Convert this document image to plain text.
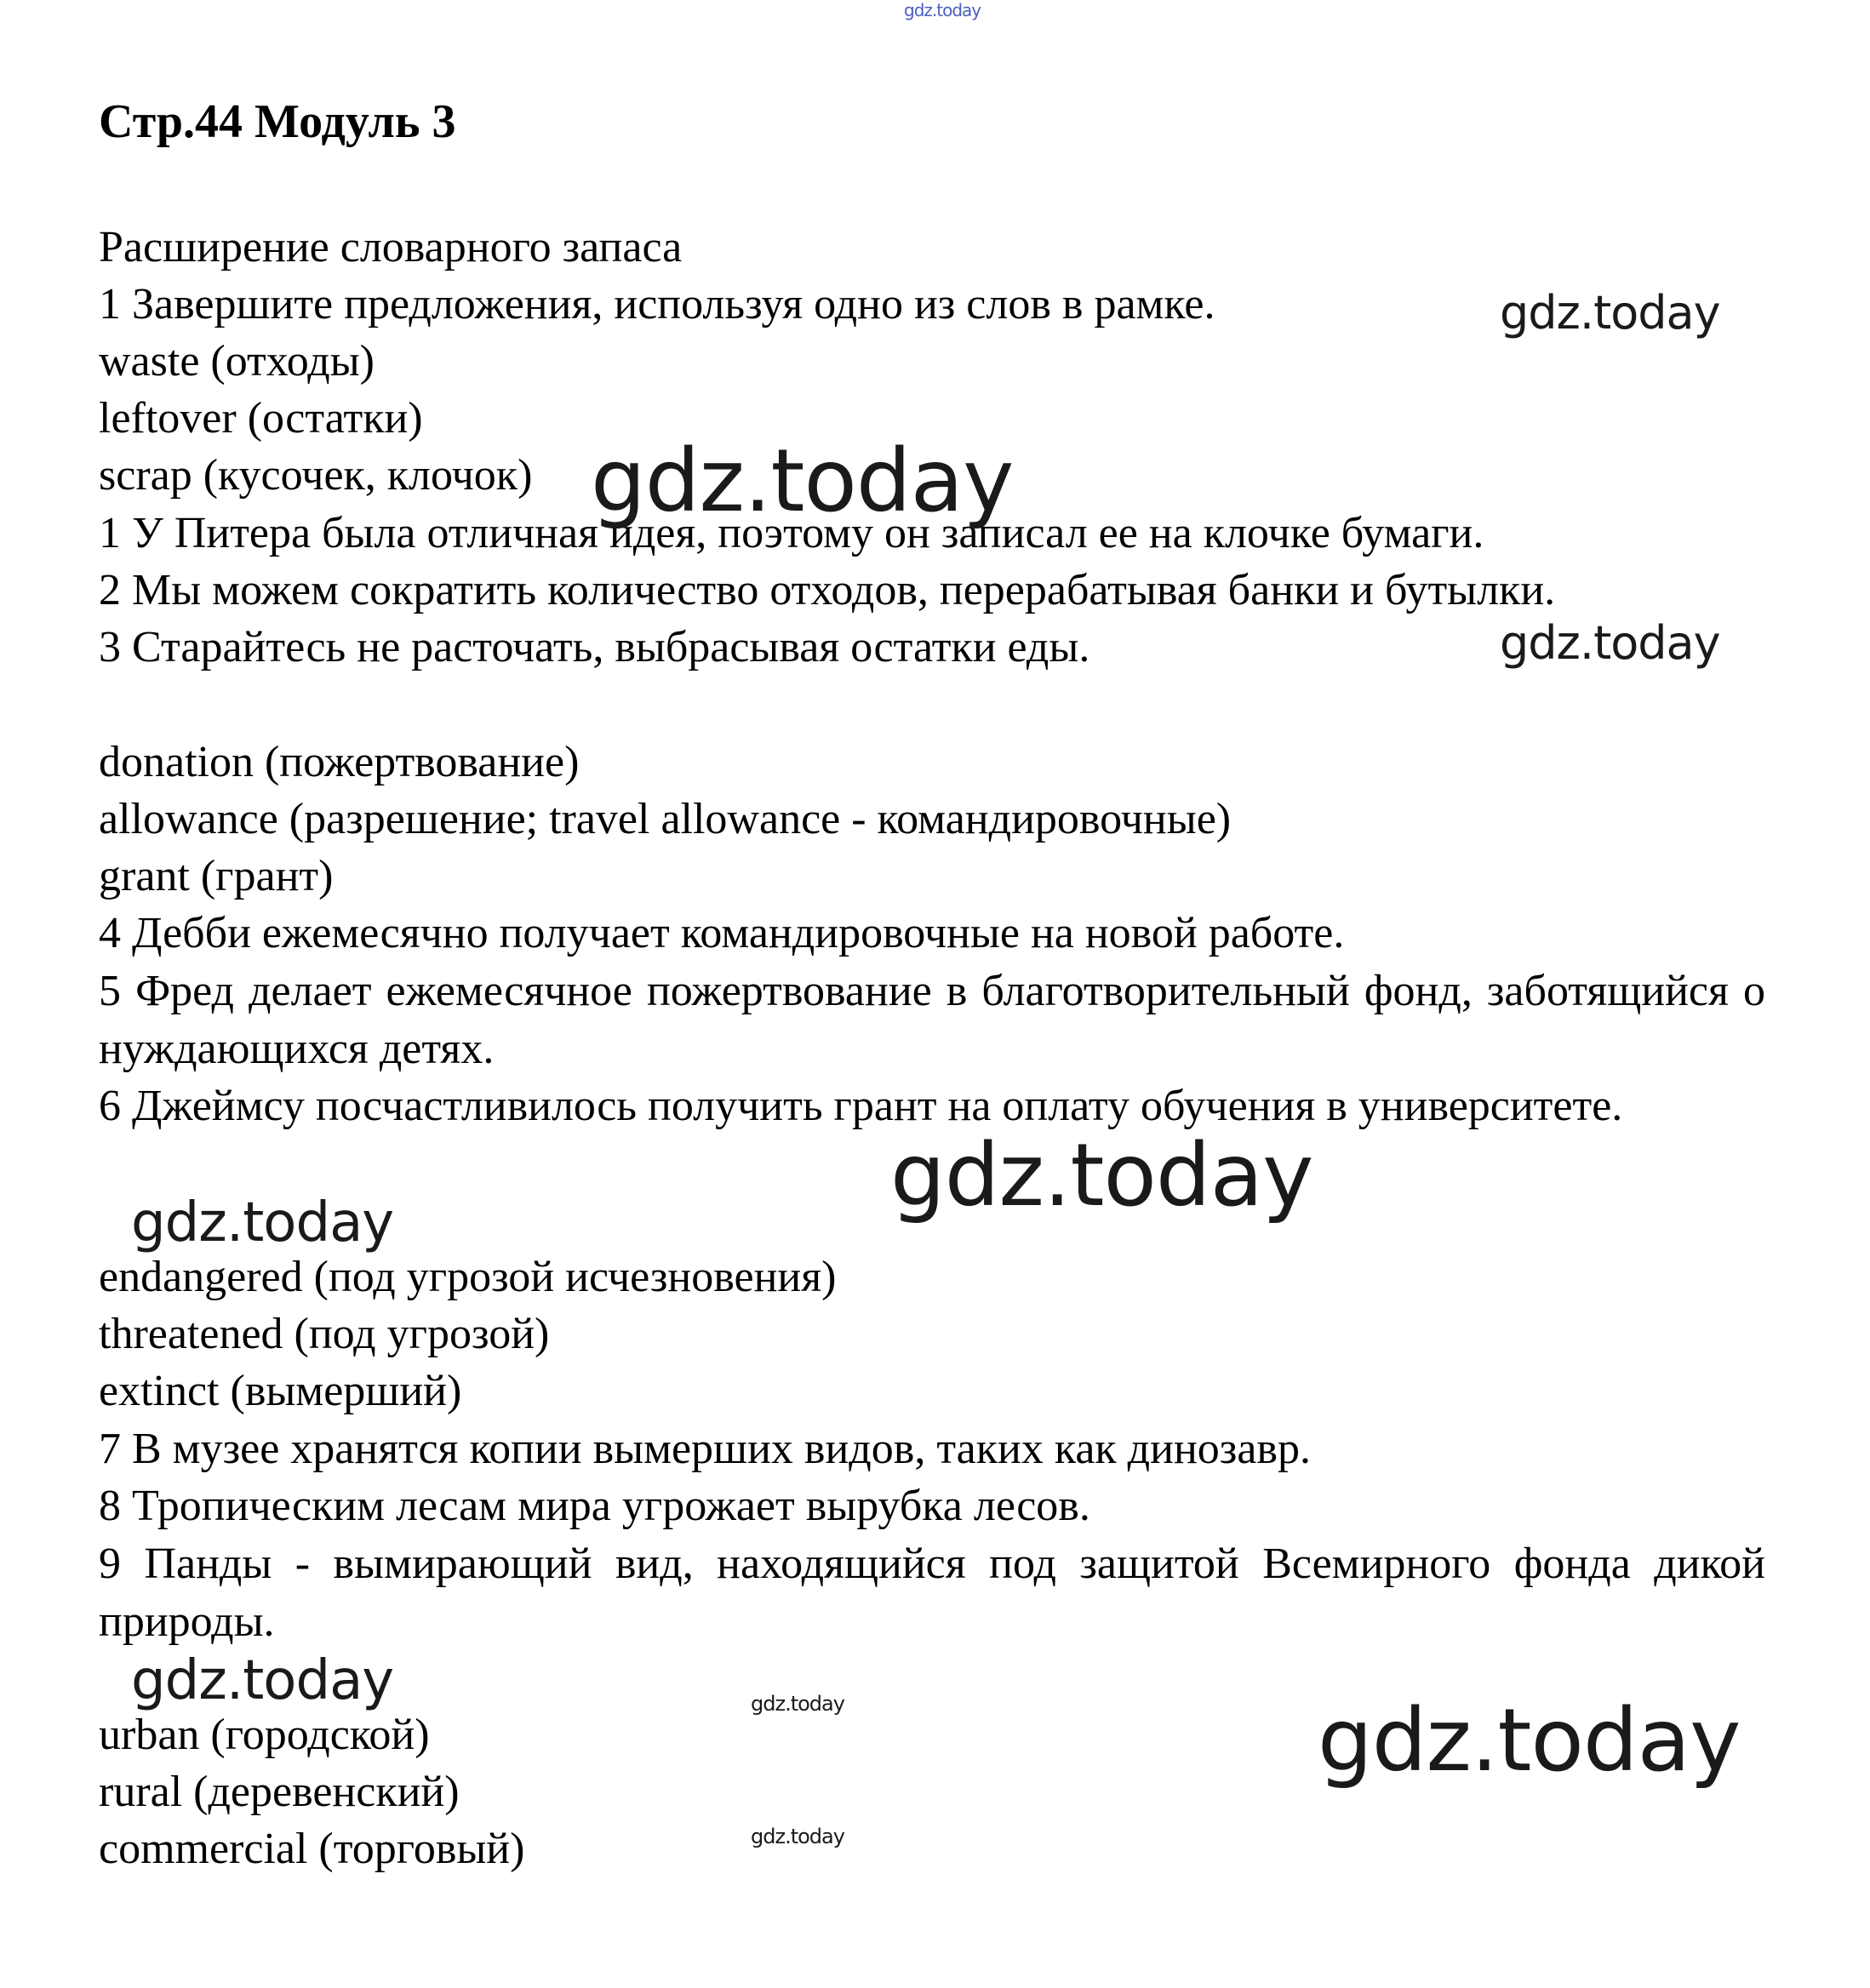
gdz.today
Стр.44 Модуль 3
Расширение словарного запаса
1 Завершите предложения, используя одно из слов в рамке.
waste (отходы)
leftover (остатки)
scrap (кусочек, клочок)
1 У Питера была отличная идея, поэтому он записал ее на клочке бумаги.
2 Мы можем сократить количество отходов, перерабатывая банки и бутылки.
3 Старайтесь не расточать, выбрасывая остатки еды.
donation (пожертвование)
allowance (разрешение; travel allowance - командировочные)
grant (грант)
4 Дебби ежемесячно получает командировочные на новой работе.
5 Фред делает ежемесячное пожертвование в благотворительный фонд, заботящийся о нуждающихся детях.
6 Джеймсу посчастливилось получить грант на оплату обучения в университете.
endangered (под угрозой исчезновения)
threatened (под угрозой)
extinct (вымерший)
7 В музее хранятся копии вымерших видов, таких как динозавр.
8 Тропическим лесам мира угрожает вырубка лесов.
9 Панды - вымирающий вид, находящийся под защитой Всемирного фонда дикой природы.
urban (городской)
rural (деревенский)
commercial (торговый)
gdz.today
gdz.today
gdz.today
gdz.today
gdz.today
gdz.today	gdz.today	gdz.today
gdz.today
